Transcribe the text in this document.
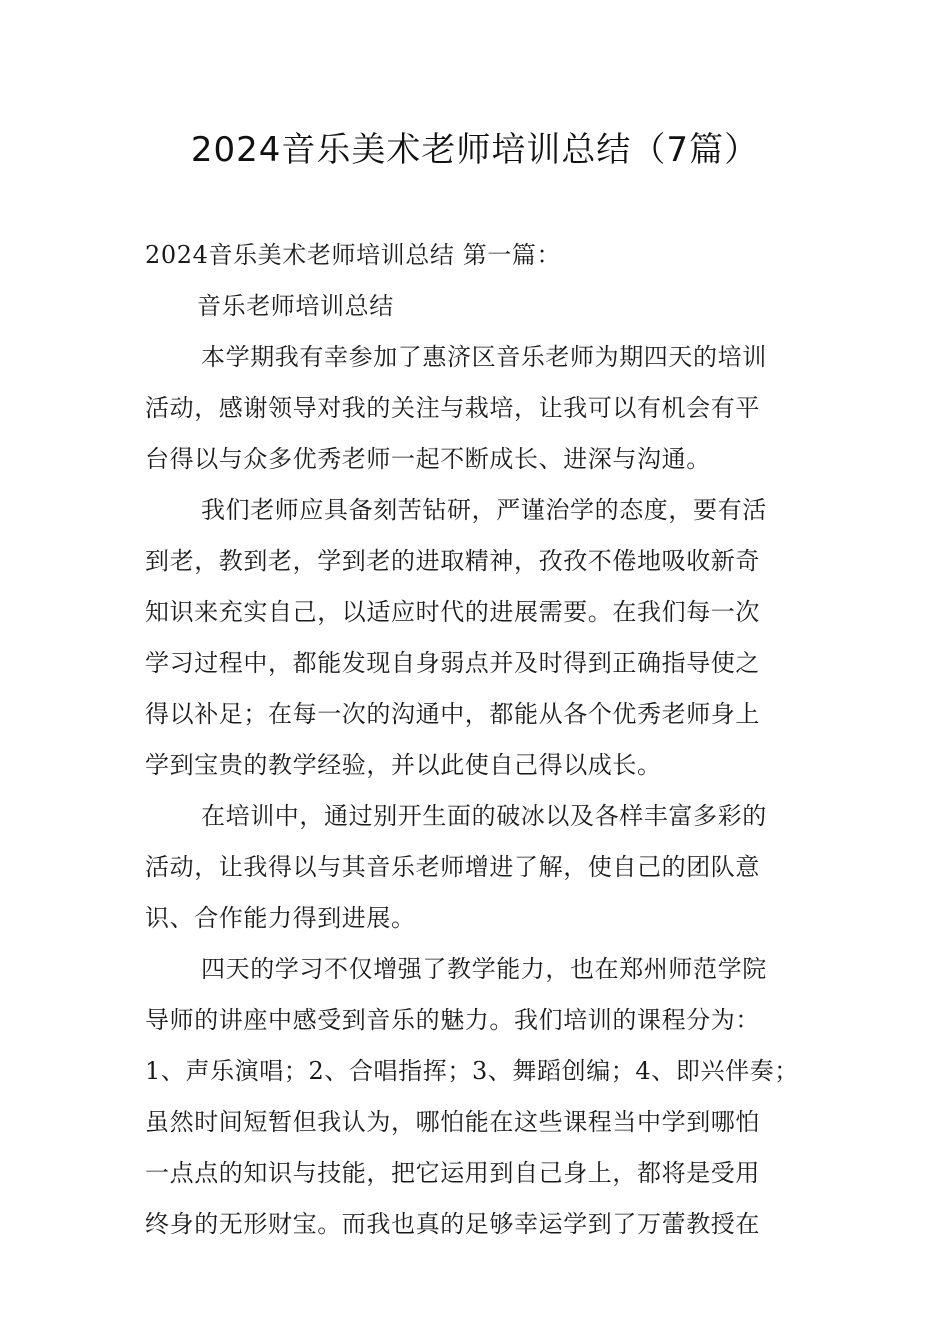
2024音乐美术老师培训总结（7篇）
2024音乐美术老师培训总结 第一篇：
音乐老师培训总结
本学期我有幸参加了惠济区音乐老师为期四天的培训
活动，感谢领导对我的关注与栽培，让我可以有机会有平
台得以与众多优秀老师一起不断成长、进深与沟通。
我们老师应具备刻苦钻研，严谨治学的态度，要有活
到老，教到老，学到老的进取精神，孜孜不倦地吸收新奇
知识来充实自己，以适应时代的进展需要。在我们每一次
学习过程中，都能发现自身弱点并及时得到正确指导使之
得以补足；在每一次的沟通中，都能从各个优秀老师身上
学到宝贵的教学经验，并以此使自己得以成长。
在培训中，通过别开生面的破冰以及各样丰富多彩的
活动，让我得以与其音乐老师增进了解，使自己的团队意
识、合作能力得到进展。
四天的学习不仅增强了教学能力，也在郑州师范学院
导师的讲座中感受到音乐的魅力。我们培训的课程分为：
1、声乐演唱；2、合唱指挥；3、舞蹈创编；4、即兴伴奏；
虽然时间短暂但我认为，哪怕能在这些课程当中学到哪怕
一点点的知识与技能，把它运用到自己身上，都将是受用
终身的无形财宝。而我也真的足够幸运学到了万蕾教授在
